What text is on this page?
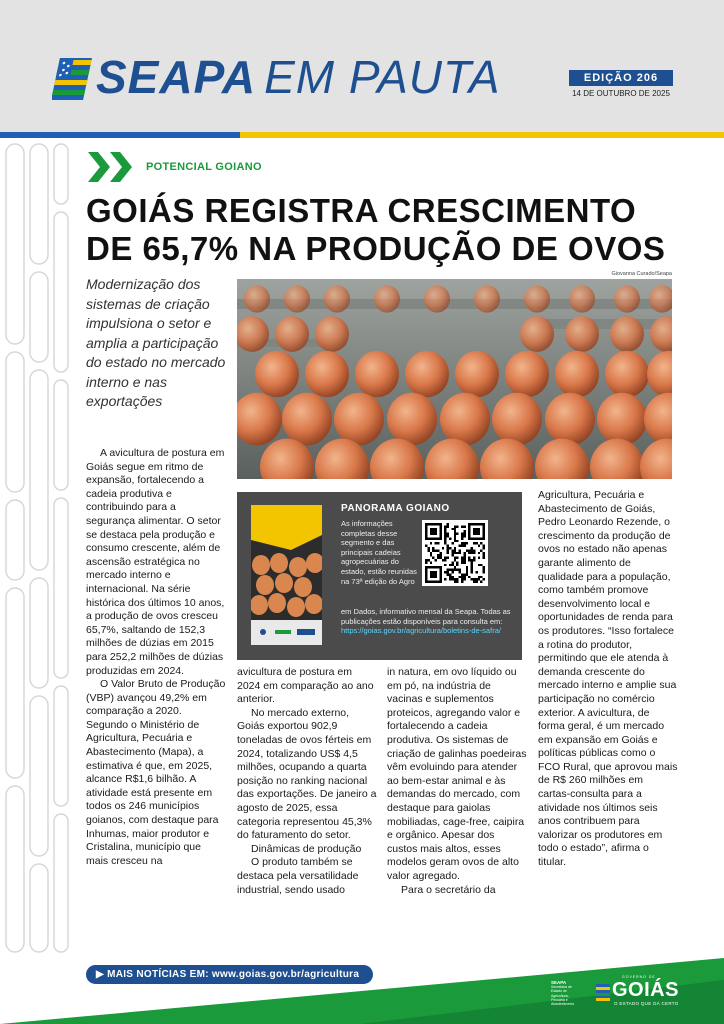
SEAPA EM PAUTA	EDIÇÃO 206
14 DE OUTUBRO DE 2025
POTENCIAL GOIANO
GOIÁS REGISTRA CRESCIMENTO DE 65,7% NA PRODUÇÃO DE OVOS
Modernização dos sistemas de criação impulsiona o setor e amplia a participação do estado no mercado interno e nas exportações
Giovanna Curado/Seapa

A avicultura de postura em Goiás segue em ritmo de expansão, fortalecendo a cadeia produtiva e contribuindo para a segurança alimentar. O setor se destaca pela produção e consumo crescente, além de ascensão estratégica no mercado interno e internacional. Na série histórica dos últimos 10 anos, a produção de ovos cresceu 65,7%, saltando de 152,3 milhões de dúzias em 2015 para 252,2 milhões de dúzias produzidas em 2024.

O Valor Bruto de Produção (VBP) avançou 49,2% em comparação a 2020. Segundo o Ministério de Agricultura, Pecuária e Abastecimento (Mapa), a estimativa é que, em 2025, alcance R$1,6 bilhão. A atividade está presente em todos os 246 municípios goianos, com destaque para Inhumas, maior produtor e Cristalina, município que mais cresceu na

AGRO DADOS
OUTUBRO 2025
PANORAMA GOIANO
As informações completas desse segmento e das principais cadeias agropecuárias do estado, estão reunidas na 73ª edição do Agro
em Dados, informativo mensal da Seapa. Todas as publicações estão disponíveis para consulta em: https://goias.gov.br/agricultura/boletins-de-safra/

avicultura de postura em 2024 em comparação ao ano anterior.

No mercado externo, Goiás exportou 902,9 toneladas de ovos férteis em 2024, totalizando US$ 4,5 milhões, ocupando a quarta posição no ranking nacional das exportações. De janeiro a agosto de 2025, essa categoria representou 45,3% do faturamento do setor.

Dinâmicas de produção

O produto também se destaca pela versatilidade industrial, sendo usado

in natura, em ovo líquido ou em pó, na indústria de vacinas e suplementos proteicos, agregando valor e fortalecendo a cadeia produtiva. Os sistemas de criação de galinhas poedeiras vêm evoluindo para atender ao bem-estar animal e às demandas do mercado, com destaque para gaiolas mobiliadas, cage-free, caipira e orgânico. Apesar dos custos mais altos, esses modelos geram ovos de alto valor agregado.

Para o secretário da

Agricultura, Pecuária e Abastecimento de Goiás, Pedro Leonardo Rezende, o crescimento da produção de ovos no estado não apenas garante alimento de qualidade para a população, como também promove desenvolvimento local e oportunidades de renda para os produtores. “Isso fortalece a rotina do produtor, permitindo que ele atenda à demanda crescente do mercado interno e amplie sua participação no comércio exterior. A avicultura, de forma geral, é um mercado em expansão em Goiás e políticas públicas como o FCO Rural, que aprovou mais de R$ 260 milhões em cartas-consulta para a atividade nos últimos seis anos contribuem para valorizar os produtores em todo o estado”, afirma o titular.

▶ MAIS NOTÍCIAS EM: www.goias.gov.br/agricultura
SEAPA
Secretaria de Estado de Agricultura, Pecuária e Abastecimento
GOVERNO DE
GOIÁS
O ESTADO QUE DÁ CERTO
